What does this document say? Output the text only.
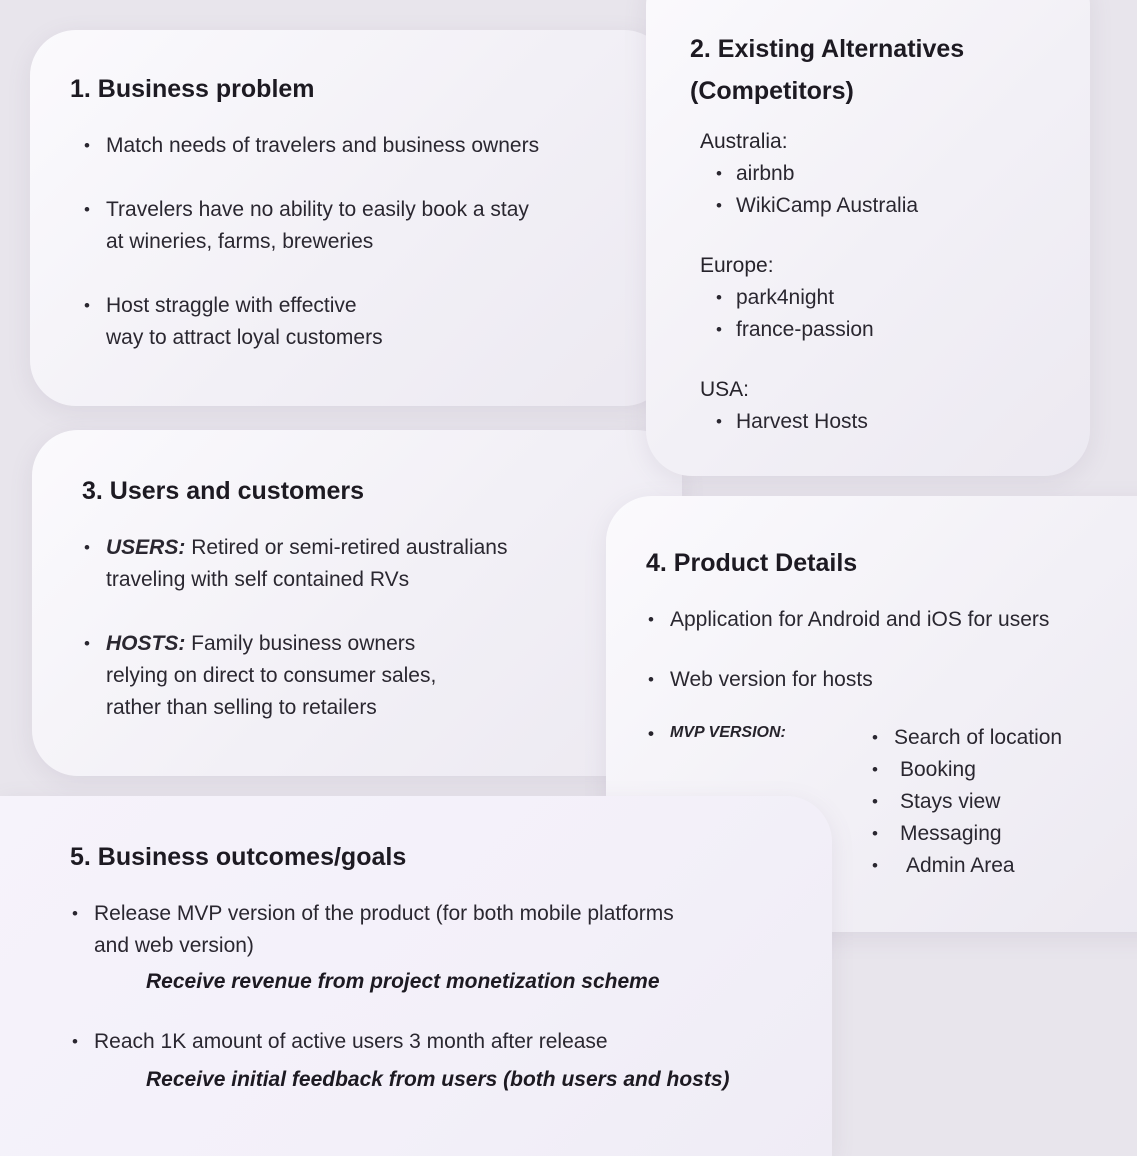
1. Business problem
• Match needs of travelers and business owners
• Travelers have no ability to easily book a stay
at wineries, farms, breweries
• Host straggle with effective
way to attract loyal customers
2. Existing Alternatives
(Competitors)
Australia:
• airbnb
• WikiCamp Australia
Europe:
• park4night
• france-passion
USA:
• Harvest Hosts
3. Users and customers
• USERS: Retired or semi-retired australians
traveling with self contained RVs
• HOSTS: Family business owners
relying on direct to consumer sales,
rather than selling to retailers
4. Product Details
• Application for Android and iOS for users
• Web version for hosts
• MVP VERSION:
•	Search of location
• Booking
• Stays view
• Messaging
• Admin Area
5. Business outcomes/goals
• Release MVP version of the product (for both mobile platforms
and web version)
Receive revenue from project monetization scheme
• Reach 1K amount of active users 3 month after release
Receive initial feedback from users (both users and hosts)
